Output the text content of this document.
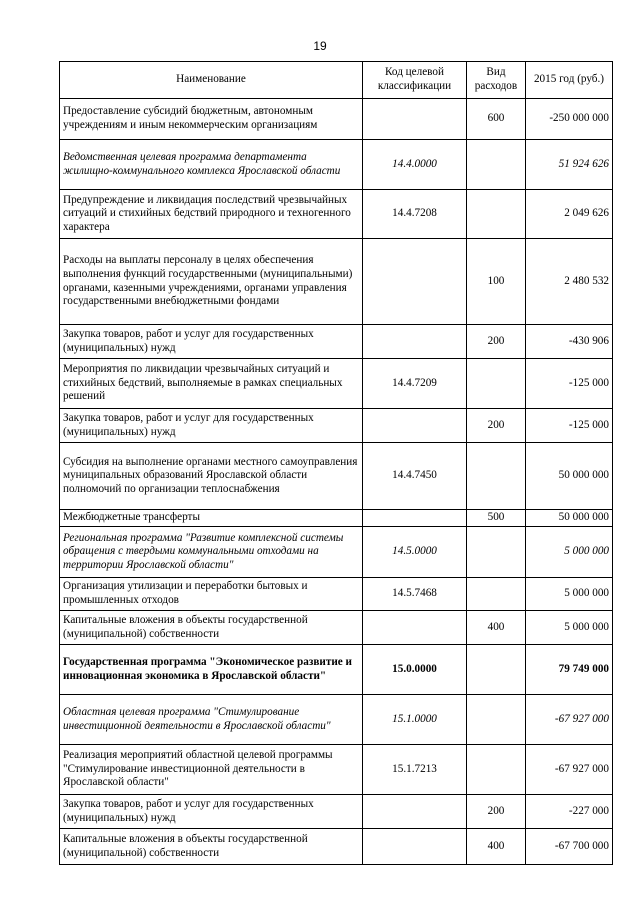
19
Наименование	Код целевой классификации	Вид расходов	2015 год (руб.)
Предоставление субсидий бюджетным, автономным учреждениям и иным некоммерческим организациям		600	-250 000 000
Ведомственная целевая программа департамента жилищно-коммунального комплекса Ярославской области	14.4.0000		51 924 626
Предупреждение и ликвидация последствий чрезвычайных ситуаций и стихийных бедствий природного и техногенного характера	14.4.7208		2 049 626
Расходы на выплаты персоналу в целях обеспечения выполнения функций государственными (муниципальными) органами, казенными учреждениями, органами управления государственными внебюджетными фондами		100	2 480 532
Закупка товаров, работ и услуг для государственных (муниципальных) нужд		200	-430 906
Мероприятия по ликвидации чрезвычайных ситуаций и стихийных бедствий, выполняемые в рамках специальных решений	14.4.7209		-125 000
Закупка товаров, работ и услуг для государственных (муниципальных) нужд		200	-125 000
Субсидия на выполнение органами местного самоуправления муниципальных образований Ярославской области полномочий по организации теплоснабжения	14.4.7450		50 000 000
Межбюджетные трансферты		500	50 000 000
Региональная программа "Развитие комплексной системы обращения с твердыми коммунальными отходами на территории Ярославской области"	14.5.0000		5 000 000
Организация утилизации и переработки бытовых и промышленных отходов	14.5.7468		5 000 000
Капитальные вложения в объекты государственной (муниципальной) собственности		400	5 000 000
Государственная программа "Экономическое развитие и инновационная экономика в Ярославской области"	15.0.0000		79 749 000
Областная целевая программа "Стимулирование инвестиционной деятельности в Ярославской области"	15.1.0000		-67 927 000
Реализация мероприятий областной целевой программы "Стимулирование инвестиционной деятельности в Ярославской области"	15.1.7213		-67 927 000
Закупка товаров, работ и услуг для государственных (муниципальных) нужд		200	-227 000
Капитальные вложения в объекты государственной (муниципальной) собственности		400	-67 700 000
